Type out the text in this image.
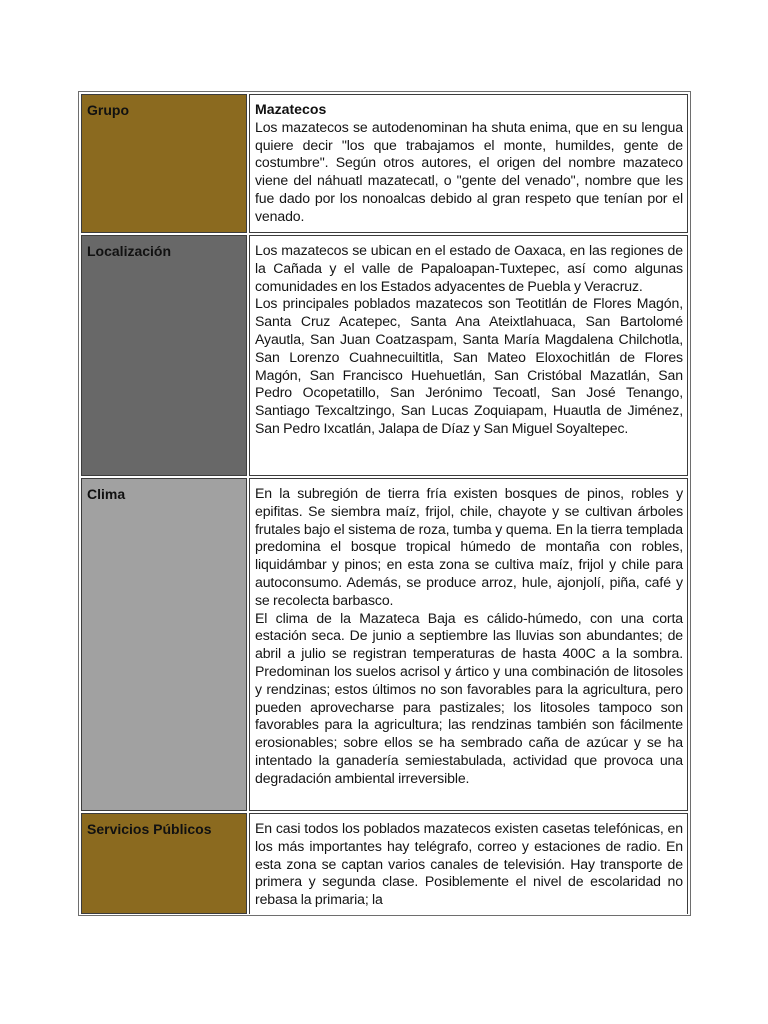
Grupo	Mazatecos

Los mazatecos se autodenominan ha shuta enima, que en su lengua quiere decir "los que trabajamos el monte, humildes, gente de costumbre". Según otros autores, el origen del nombre mazateco viene del náhuatl mazatecatl, o "gente del venado", nombre que les fue dado por los nonoalcas debido al gran respeto que tenían por el venado.

Localización	Los mazatecos se ubican en el estado de Oaxaca, en las regiones de la Cañada y el valle de Papaloapan-Tuxtepec, así como algunas comunidades en los Estados adyacentes de Puebla y Veracruz.

Los principales poblados mazatecos son Teotitlán de Flores Magón, Santa Cruz Acatepec, Santa Ana Ateixtlahuaca, San Bartolomé Ayautla, San Juan Coatzaspam, Santa María Magdalena Chilchotla, San Lorenzo Cuahnecuiltitla, San Mateo Eloxochitlán de Flores Magón, San Francisco Huehuetlán, San Cristóbal Mazatlán, San Pedro Ocopetatillo, San Jerónimo Tecoatl, San José Tenango, Santiago Texcaltzingo, San Lucas Zoquiapam, Huautla de Jiménez, San Pedro Ixcatlán, Jalapa de Díaz y San Miguel Soyaltepec.

Clima	En la subregión de tierra fría existen bosques de pinos, robles y epifitas. Se siembra maíz, frijol, chile, chayote y se cultivan árboles frutales bajo el sistema de roza, tumba y quema. En la tierra templada predomina el bosque tropical húmedo de montaña con robles, liquidámbar y pinos; en esta zona se cultiva maíz, frijol y chile para autoconsumo. Además, se produce arroz, hule, ajonjolí, piña, café y se recolecta barbasco.

El clima de la Mazateca Baja es cálido-húmedo, con una corta estación seca. De junio a septiembre las lluvias son abundantes; de abril a julio se registran temperaturas de hasta 400C a la sombra. Predominan los suelos acrisol y ártico y una combinación de litosoles y rendzinas; estos últimos no son favorables para la agricultura, pero pueden aprovecharse para pastizales; los litosoles tampoco son favorables para la agricultura; las rendzinas también son fácilmente erosionables; sobre ellos se ha sembrado caña de azúcar y se ha intentado la ganadería semiestabulada, actividad que provoca una degradación ambiental irreversible.

Servicios Públicos	En casi todos los poblados mazatecos existen casetas telefónicas, en los más importantes hay telégrafo, correo y estaciones de radio. En esta zona se captan varios canales de televisión. Hay transporte de primera y segunda clase. Posiblemente el nivel de escolaridad no rebasa la primaria; la
